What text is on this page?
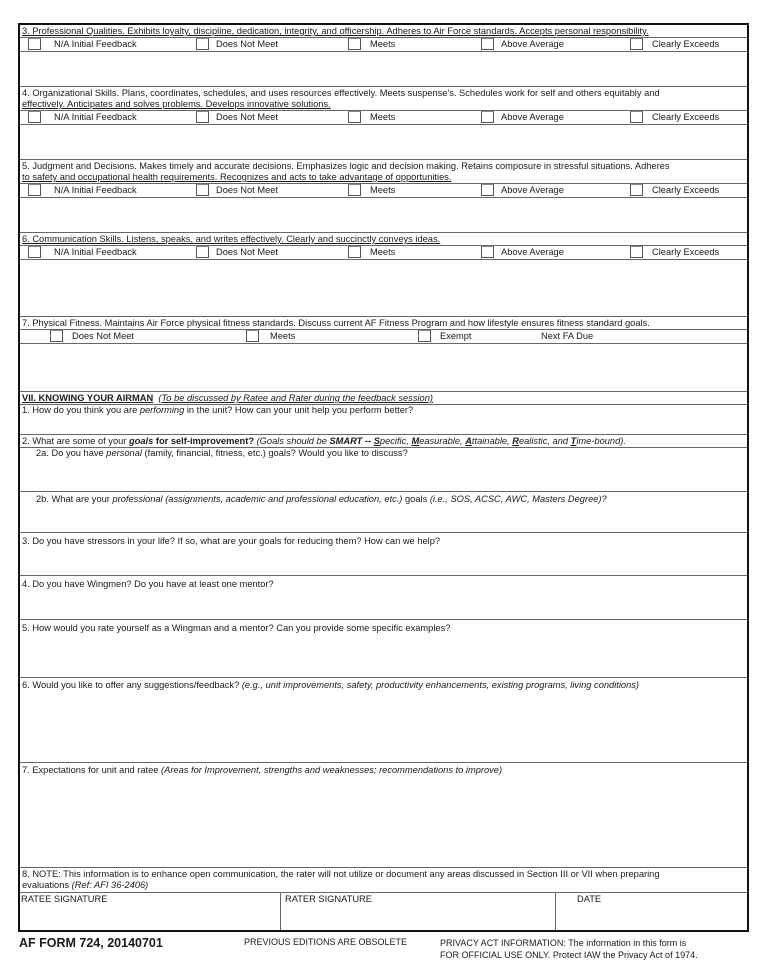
3. Professional Qualities. Exhibits loyalty, discipline, dedication, integrity, and officership. Adheres to Air Force standards. Accepts personal responsibility.
N/A Initial Feedback	Does Not Meet	Meets	Above Average	Clearly Exceeds
4. Organizational Skills. Plans, coordinates, schedules, and uses resources effectively. Meets suspense's. Schedules work for self and others equitably and
effectively. Anticipates and solves problems. Develops innovative solutions.
N/A Initial Feedback	Does Not Meet	Meets	Above Average	Clearly Exceeds
5. Judgment and Decisions. Makes timely and accurate decisions. Emphasizes logic and decision making. Retains composure in stressful situations. Adheres
to safety and occupational health requirements. Recognizes and acts to take advantage of opportunities.
N/A Initial Feedback	Does Not Meet	Meets	Above Average	Clearly Exceeds
6. Communication Skills. Listens, speaks, and writes effectively. Clearly and succinctly conveys ideas.
N/A Initial Feedback	Does Not Meet	Meets	Above Average	Clearly Exceeds
7. Physical Fitness. Maintains Air Force physical fitness standards. Discuss current AF Fitness Program and how lifestyle ensures fitness standard goals.
Does Not Meet	Meets	Exempt	Next FA Due
VII. KNOWING YOUR AIRMAN (To be discussed by Ratee and Rater during the feedback session)
1. How do you think you are performing in the unit? How can your unit help you perform better?
2. What are some of your goals for self-improvement? (Goals should be SMART -- Specific, Measurable, Attainable, Realistic, and Time-bound).
2a. Do you have personal (family, financial, fitness, etc.) goals? Would you like to discuss?
2b. What are your professional (assignments, academic and professional education, etc.) goals (i.e., SOS, ACSC, AWC, Masters Degree)?
3. Do you have stressors in your life? If so, what are your goals for reducing them? How can we help?
4. Do you have Wingmen? Do you have at least one mentor?
5. How would you rate yourself as a Wingman and a mentor? Can you provide some specific examples?
6. Would you like to offer any suggestions/feedback? (e.g., unit improvements, safety, productivity enhancements, existing programs, living conditions)
7. Expectations for unit and ratee (Areas for Improvement, strengths and weaknesses; recommendations to improve)
8. NOTE: This information is to enhance open communication, the rater will not utilize or document any areas discussed in Section III or VII when preparing
evaluations (Ref: AFI 36-2406)
RATEE SIGNATURE	RATER SIGNATURE	DATE
AF FORM 724, 20140701	PREVIOUS EDITIONS ARE OBSOLETE	PRIVACY ACT INFORMATION: The information in this form is
FOR OFFICIAL USE ONLY. Protect IAW the Privacy Act of 1974.
